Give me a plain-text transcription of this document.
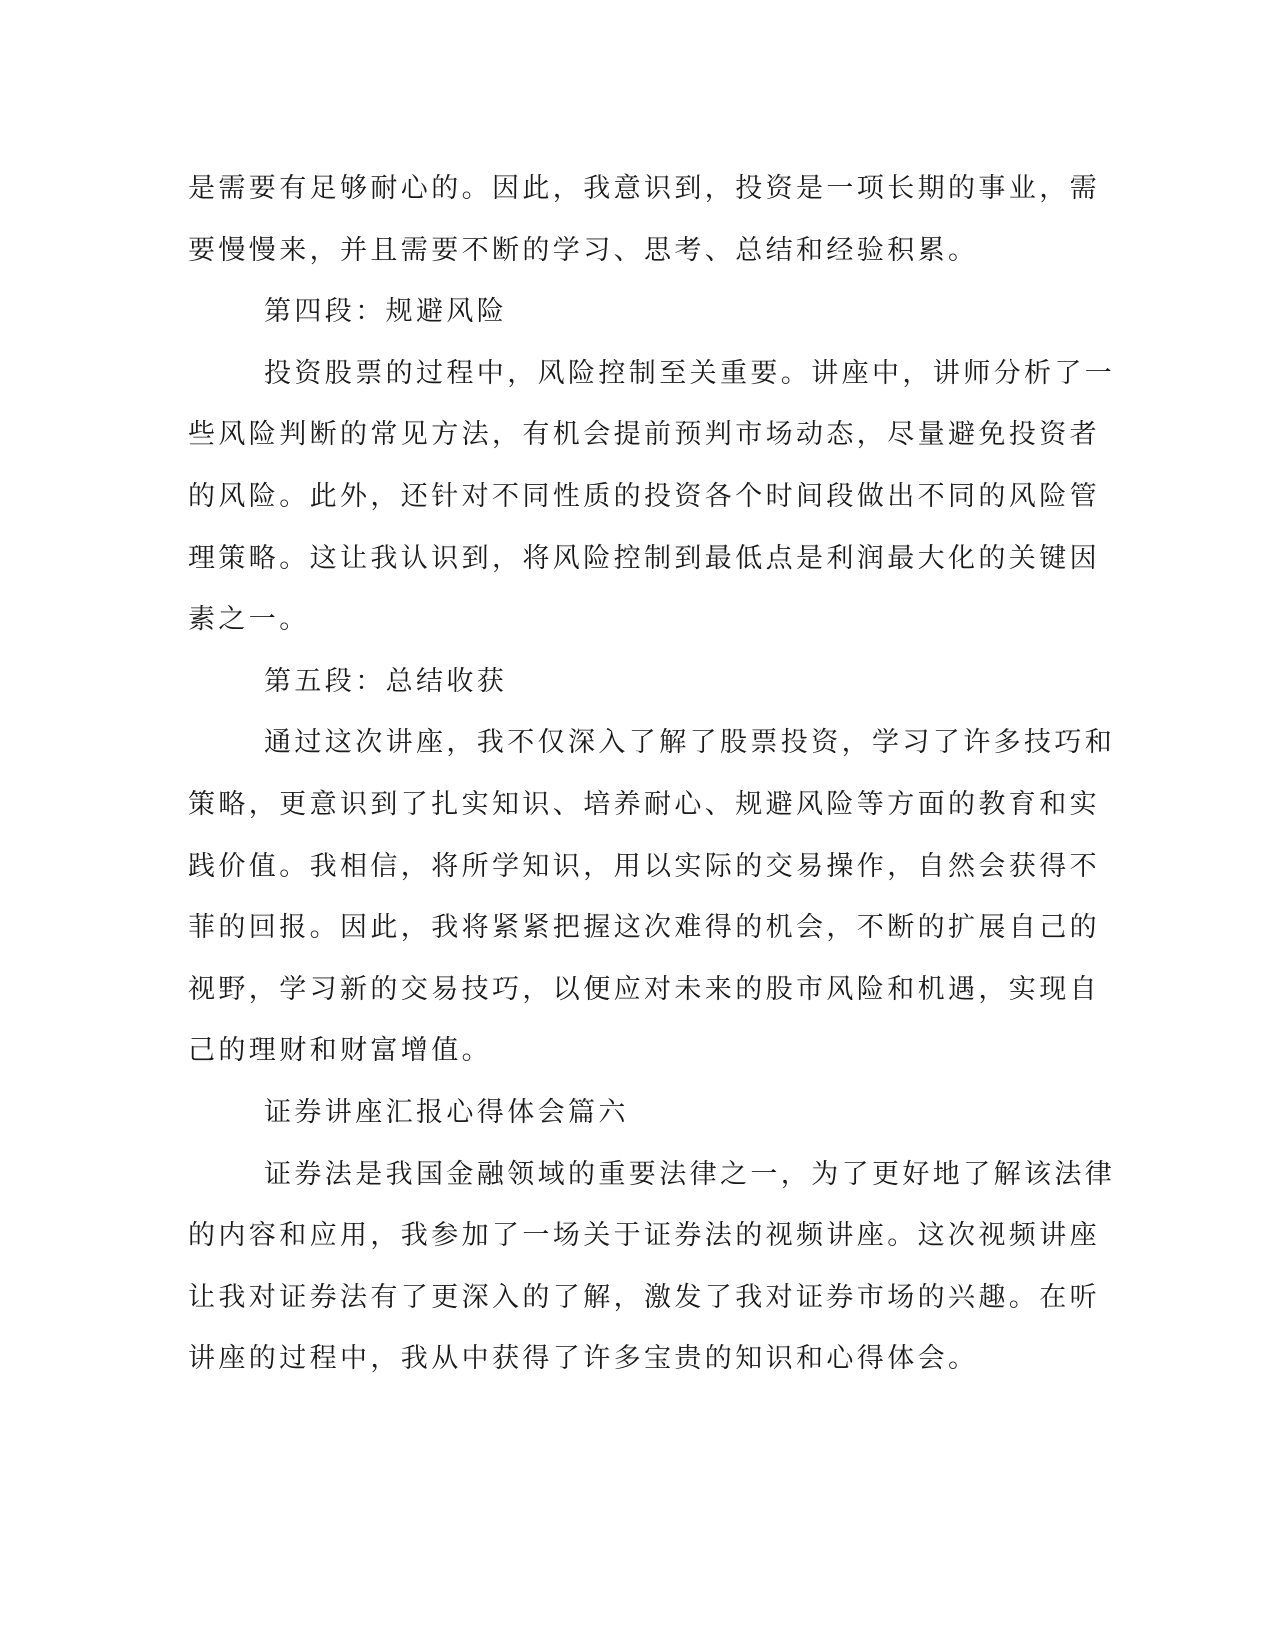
是需要有足够耐心的。因此，我意识到，投资是一项长期的事业，需
要慢慢来，并且需要不断的学习、思考、总结和经验积累。
第四段：规避风险
投资股票的过程中，风险控制至关重要。讲座中，讲师分析了一
些风险判断的常见方法，有机会提前预判市场动态，尽量避免投资者
的风险。此外，还针对不同性质的投资各个时间段做出不同的风险管
理策略。这让我认识到，将风险控制到最低点是利润最大化的关键因
素之一。
第五段：总结收获
通过这次讲座，我不仅深入了解了股票投资，学习了许多技巧和
策略，更意识到了扎实知识、培养耐心、规避风险等方面的教育和实
践价值。我相信，将所学知识，用以实际的交易操作，自然会获得不
菲的回报。因此，我将紧紧把握这次难得的机会，不断的扩展自己的
视野，学习新的交易技巧，以便应对未来的股市风险和机遇，实现自
己的理财和财富增值。
证券讲座汇报心得体会篇六
证券法是我国金融领域的重要法律之一，为了更好地了解该法律
的内容和应用，我参加了一场关于证券法的视频讲座。这次视频讲座
让我对证券法有了更深入的了解，激发了我对证券市场的兴趣。在听
讲座的过程中，我从中获得了许多宝贵的知识和心得体会。
